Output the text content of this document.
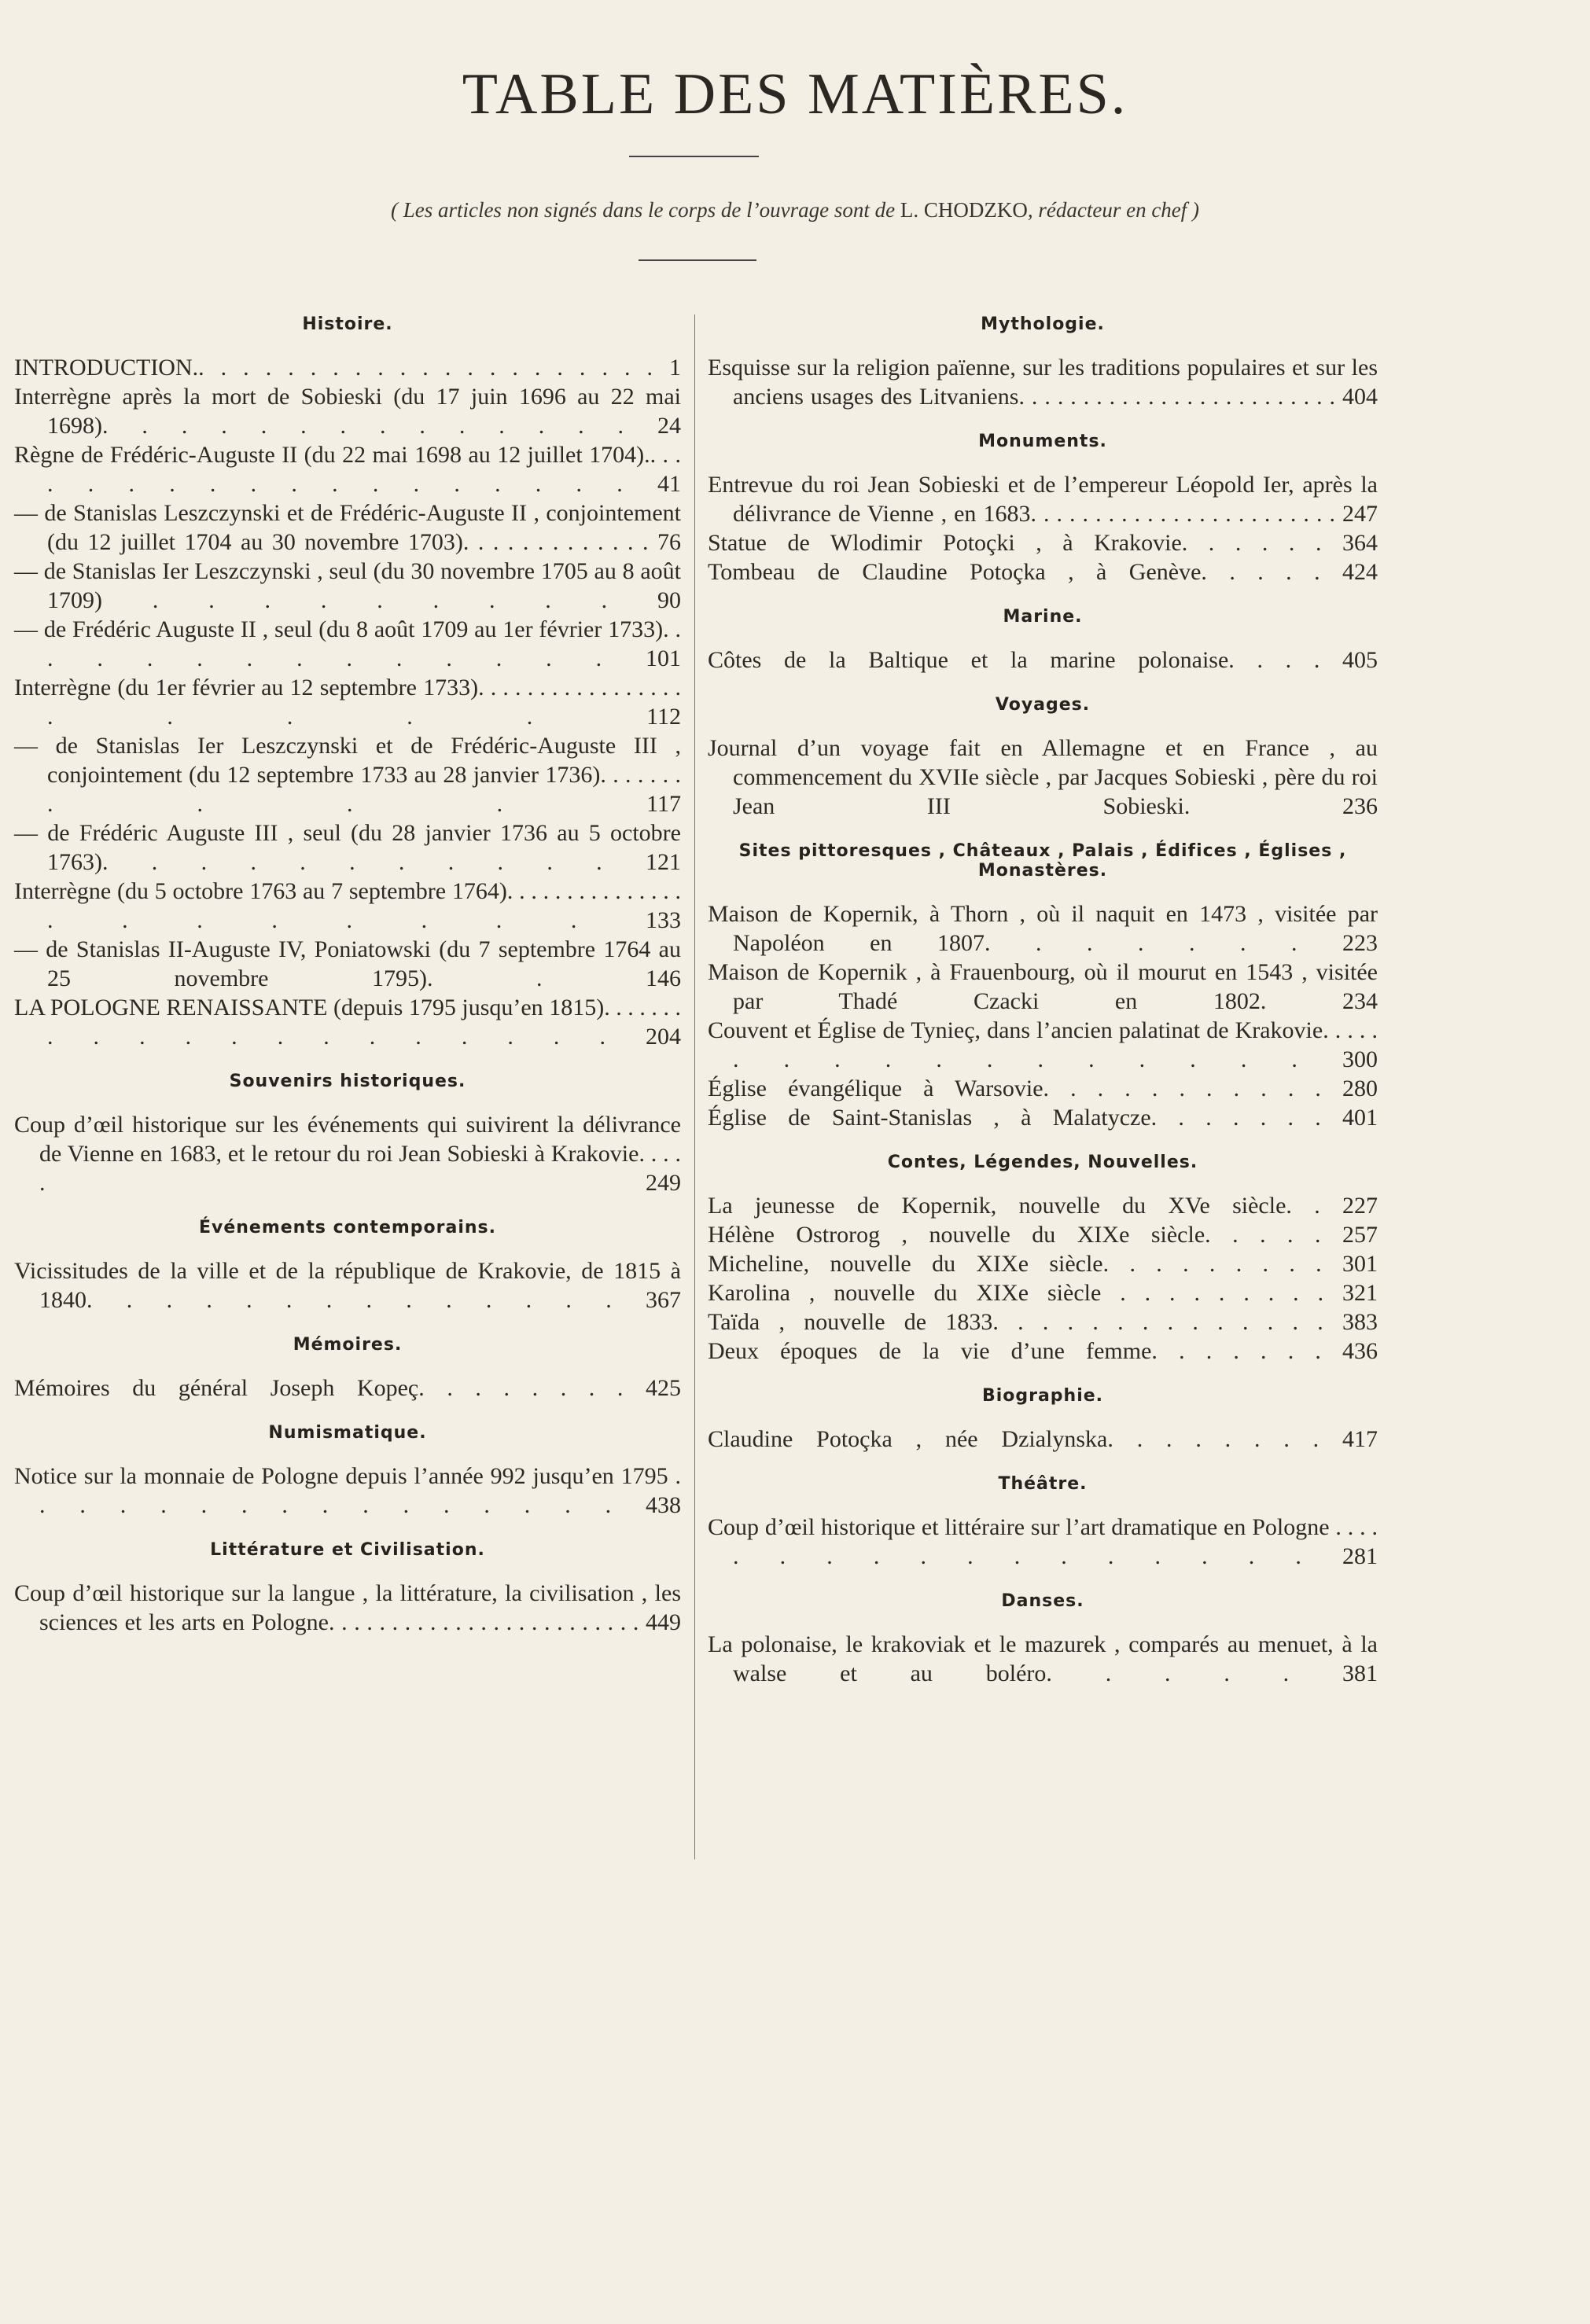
TABLE DES MATIÈRES.
( Les articles non signés dans le corps de l’ouvrage sont de L. CHODZKO, rédacteur en chef )
Histoire.

INTRODUCTION.. . . . . . . . . . . . . . . . . . . . . 1

Interrègne après la mort de Sobieski (du 17 juin 1696 au 22 mai 1698). . . . . . . . . . . . . . 24

Règne de Frédéric-Auguste II (du 22 mai 1698 au 12 juillet 1704).. . . . . . . . . . . . . . . . . . 41

— de Stanislas Leszczynski et de Frédéric-Auguste II , conjointement (du 12 juillet 1704 au 30 novembre 1703). . . . . . . . . . . . . 76

— de Stanislas Ier Leszczynski , seul (du 30 novembre 1705 au 8 août 1709) . . . . . . . . . 90

— de Frédéric Auguste II , seul (du 8 août 1709 au 1er février 1733). . . . . . . . . . . . . . 101

Interrègne (du 1er février au 12 septembre 1733). . . . . . . . . . . . . . . . . . . . . . 112

— de Stanislas Ier Leszczynski et de Frédéric-Auguste III , conjointement (du 12 septembre 1733 au 28 janvier 1736). . . . . . . . . . . 117

— de Frédéric Auguste III , seul (du 28 janvier 1736 au 5 octobre 1763). . . . . . . . . . . 121

Interrègne (du 5 octobre 1763 au 7 septembre 1764). . . . . . . . . . . . . . . . . . . . . . . 133

— de Stanislas II-Auguste IV, Poniatowski (du 7 septembre 1764 au 25 novembre 1795). . 146

LA POLOGNE RENAISSANTE (depuis 1795 jusqu’en 1815). . . . . . . . . . . . . . . . . . . . 204

Souvenirs historiques.

Coup d’œil historique sur les événements qui suivirent la délivrance de Vienne en 1683, et le retour du roi Jean Sobieski à Krakovie. . . . . 249

Événements contemporains.

Vicissitudes de la ville et de la république de Krakovie, de 1815 à 1840. . . . . . . . . . . . . . 367

Mémoires.

Mémoires du général Joseph Kopeç. . . . . . . . 425

Numismatique.

Notice sur la monnaie de Pologne depuis l’année 992 jusqu’en 1795 . . . . . . . . . . . . . . . . 438

Littérature et Civilisation.

Coup d’œil historique sur la langue , la littérature, la civilisation , les sciences et les arts en Pologne. . . . . . . . . . . . . . . . . . . . . . . . . 449

Mythologie.

Esquisse sur la religion païenne, sur les traditions populaires et sur les anciens usages des Litvaniens. . . . . . . . . . . . . . . . . . . . . . . . . 404

Monuments.

Entrevue du roi Jean Sobieski et de l’empereur Léopold Ier, après la délivrance de Vienne , en 1683. . . . . . . . . . . . . . . . . . . . . . . . 247

Statue de Wlodimir Potoçki , à Krakovie. . . . . . 364

Tombeau de Claudine Potoçka , à Genève. . . . . 424

Marine.

Côtes de la Baltique et la marine polonaise. . . . 405

Voyages.

Journal d’un voyage fait en Allemagne et en France , au commencement du XVIIe siècle , par Jacques Sobieski , père du roi Jean III Sobieski. 236

Sites pittoresques , Châteaux , Palais , Édifices , Églises , Monastères.

Maison de Kopernik, à Thorn , où il naquit en 1473 , visitée par Napoléon en 1807. . . . . . . 223

Maison de Kopernik , à Frauenbourg, où il mourut en 1543 , visitée par Thadé Czacki en 1802. 234

Couvent et Église de Tynieç, dans l’ancien palatinat de Krakovie. . . . . . . . . . . . . . . . . 300

Église évangélique à Warsovie. . . . . . . . . . . 280

Église de Saint-Stanislas , à Malatycze. . . . . . . 401

Contes, Légendes, Nouvelles.

La jeunesse de Kopernik, nouvelle du XVe siècle. . 227

Hélène Ostrorog , nouvelle du XIXe siècle. . . . . 257

Micheline, nouvelle du XIXe siècle. . . . . . . . . 301

Karolina , nouvelle du XIXe siècle . . . . . . . . . 321

Taïda , nouvelle de 1833. . . . . . . . . . . . . . 383

Deux époques de la vie d’une femme. . . . . . . 436

Biographie.

Claudine Potoçka , née Dzialynska. . . . . . . . 417

Théâtre.

Coup d’œil historique et littéraire sur l’art dramatique en Pologne . . . . . . . . . . . . . . . . . 281

Danses.

La polonaise, le krakoviak et le mazurek , comparés au menuet, à la walse et au boléro. . . . . 381
